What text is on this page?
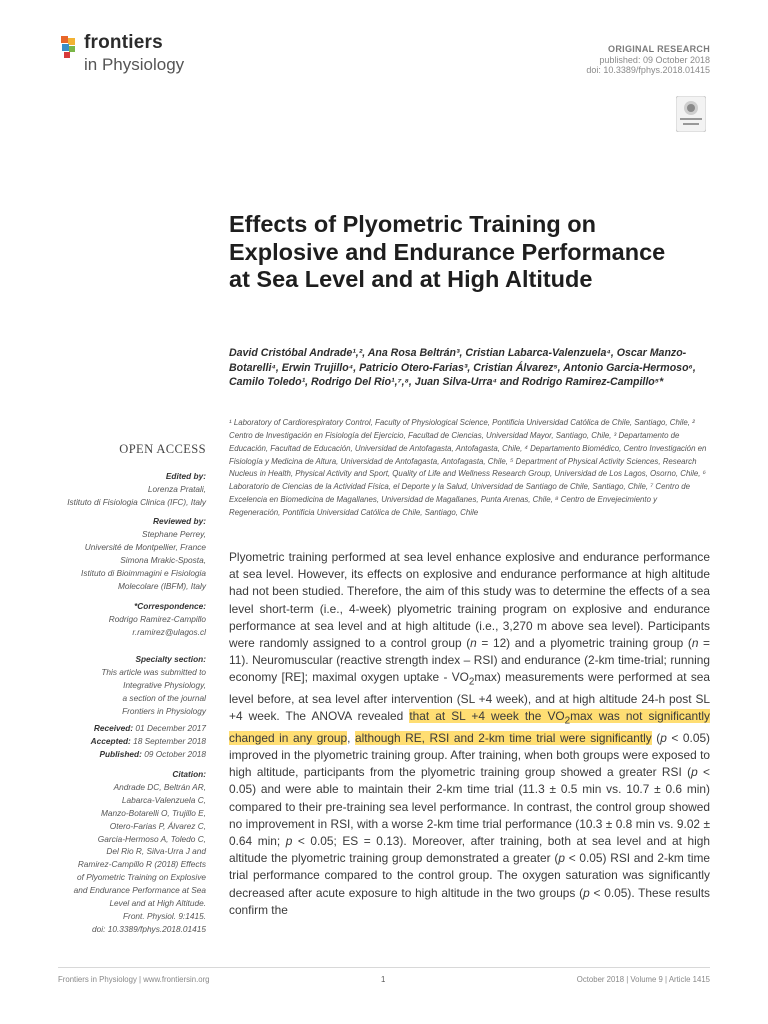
frontiers
in Physiology
ORIGINAL RESEARCH
published: 09 October 2018
doi: 10.3389/fphys.2018.01415
Effects of Plyometric Training on Explosive and Endurance Performance at Sea Level and at High Altitude

David Cristóbal Andrade¹,², Ana Rosa Beltrán³, Cristian Labarca-Valenzuela⁴, Oscar Manzo-Botarelli⁴, Erwin Trujillo⁴, Patricio Otero-Farias³, Cristian Álvarez⁵, Antonio Garcia-Hermoso⁶, Camilo Toledo¹, Rodrigo Del Rio¹,⁷,⁸, Juan Silva-Urra⁴ and Rodrigo Ramirez-Campillo⁵*

¹ Laboratory of Cardiorespiratory Control, Faculty of Physiological Science, Pontificia Universidad Católica de Chile, Santiago, Chile, ² Centro de Investigación en Fisiología del Ejercicio, Facultad de Ciencias, Universidad Mayor, Santiago, Chile, ³ Departamento de Educación, Facultad de Educación, Universidad de Antofagasta, Antofagasta, Chile, ⁴ Departamento Biomédico, Centro Investigación en Fisiología y Medicina de Altura, Universidad de Antofagasta, Antofagasta, Chile, ⁵ Department of Physical Activity Sciences, Research Nucleus in Health, Physical Activity and Sport, Quality of Life and Wellness Research Group, Universidad de Los Lagos, Osorno, Chile, ⁶ Laboratorio de Ciencias de la Actividad Física, el Deporte y la Salud, Universidad de Santiago de Chile, Santiago, Chile, ⁷ Centro de Excelencia en Biomedicina de Magallanes, Universidad de Magallanes, Punta Arenas, Chile, ⁸ Centro de Envejecimiento y Regeneración, Pontificia Universidad Católica de Chile, Santiago, Chile

OPEN ACCESS

Edited by:
Lorenza Pratali,
Istituto di Fisiologia Clinica (IFC), Italy

Reviewed by:
Stephane Perrey,
Université de Montpellier, France
Simona Mrakic-Sposta,
Istituto di Bioimmagini e Fisiologia
Molecolare (IBFM), Italy

*Correspondence:
Rodrigo Ramirez-Campillo
r.ramirez@ulagos.cl

Specialty section:
This article was submitted to
Integrative Physiology,
a section of the journal
Frontiers in Physiology

Received: 01 December 2017
Accepted: 18 September 2018
Published: 09 October 2018

Citation:
Andrade DC, Beltrán AR,
Labarca-Valenzuela C,
Manzo-Botarelli O, Trujillo E,
Otero-Farias P, Álvarez C,
Garcia-Hermoso A, Toledo C,
Del Rio R, Silva-Urra J and
Ramirez-Campillo R (2018) Effects
of Plyometric Training on Explosive
and Endurance Performance at Sea
Level and at High Altitude.
Front. Physiol. 9:1415.
doi: 10.3389/fphys.2018.01415

Plyometric training performed at sea level enhance explosive and endurance performance at sea level. However, its effects on explosive and endurance performance at high altitude had not been studied. Therefore, the aim of this study was to determine the effects of a sea level short-term (i.e., 4-week) plyometric training program on explosive and endurance performance at sea level and at high altitude (i.e., 3,270 m above sea level). Participants were randomly assigned to a control group (n = 12) and a plyometric training group (n = 11). Neuromuscular (reactive strength index – RSI) and endurance (2-km time-trial; running economy [RE]; maximal oxygen uptake - $VO_2\max$) measurements were performed at sea level before, at sea level after intervention (SL +4 week), and at high altitude 24-h post SL +4 week. The ANOVA revealed that at SL +4 week the $VO_2\max$ was not significantly changed in any group, although RE, RSI and 2-km time trial were significantly (p < 0.05) improved in the plyometric training group. After training, when both groups were exposed to high altitude, participants from the plyometric training group showed a greater RSI (p < 0.05) and were able to maintain their 2-km time trial (11.3 ± 0.5 min vs. 10.7 ± 0.6 min) compared to their pre-training sea level performance. In contrast, the control group showed no improvement in RSI, with a worse 2-km time trial performance (10.3 ± 0.8 min vs. 9.02 ± 0.64 min; p < 0.05; ES = 0.13). Moreover, after training, both at sea level and at high altitude the plyometric training group demonstrated a greater (p < 0.05) RSI and 2-km time trial performance compared to the control group. The oxygen saturation was significantly decreased after acute exposure to high altitude in the two groups (p < 0.05). These results confirm the

Frontiers in Physiology | www.frontiersin.org	1	October 2018 | Volume 9 | Article 1415
